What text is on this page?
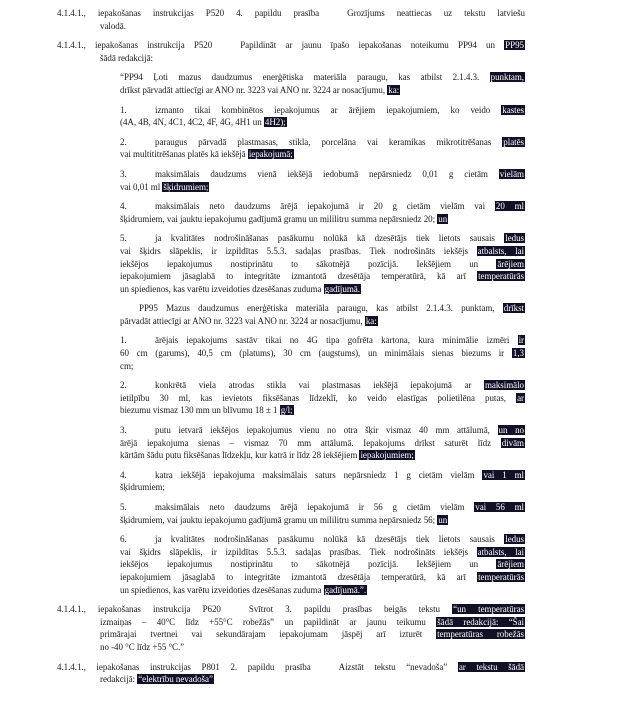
4.1.4.1., iepakošanas instrukcijas P520 4. papildu prasība	Grozījums neattiecas uz tekstu latviešu
valodā.
4.1.4.1., iepakošanas instrukcija P520	Papildināt ar jaunu īpašo iepakošanas noteikumu PP94 un PP95
šādā redakcijā:
“PP94 Ļoti mazus daudzumus enerģētiska materiāla paraugu, kas atbilst 2.1.4.3. punktam,
drīkst pārvadāt attiecīgi ar ANO nr. 3223 vai ANO nr. 3224 ar nosacījumu, ka:
1.	izmanto tikai kombinētos iepakojumus ar ārējiem iepakojumiem, ko veido kastes
(4A, 4B, 4N, 4C1, 4C2, 4F, 4G, 4H1 un 4H2);
2.	paraugus pārvadā plastmasas, stikla, porcelāna vai keramikas mikrotitrēšanas platēs
vai multititrēšanas platēs kā iekšējā iepakojumā;
3.	maksimālais daudzums vienā iekšējā iedobumā nepārsniedz 0,01 g cietām vielām
vai 0,01 ml šķidrumiem;
4.	maksimālais neto daudzums ārējā iepakojumā ir 20 g cietām vielām vai 20 ml
šķidrumiem, vai jauktu iepakojumu gadījumā gramu un mililitru summa nepārsniedz 20; un
5.	ja kvalitātes nodrošināšanas pasākumu nolūkā kā dzesētājs tiek lietots sausais ledus
vai šķidrs slāpeklis, ir izpildītas 5.5.3. sadaļas prasības. Tiek nodrošināts iekšējs atbalsts, lai
iekšējos iepakojumus nostiprinātu to sākotnējā pozīcijā. Iekšējiem un ārējiem
iepakojumiem jāsaglabā to integritāte izmantotā dzesētāja temperatūrā, kā arī temperatūrās
un spiedienos, kas varētu izveidoties dzesēšanas zuduma gadījumā.
PP95 Mazus daudzumus enerģētiska materiāla paraugu, kas atbilst 2.1.4.3. punktam, drīkst
pārvadāt attiecīgi ar ANO nr. 3223 vai ANO nr. 3224 ar nosacījumu, ka:
1.	ārējais iepakojums sastāv tikai no 4G tipa gofrēta kartona, kura minimālie izmēri ir
60 cm (garums), 40,5 cm (platums), 30 cm (augstums), un minimālais sienas biezums ir 1,3
cm;
2.	konkrētā viela atrodas stikla vai plastmasas iekšējā iepakojumā ar maksimālo
ietilpību 30 ml, kas ievietots fiksēšanas līdzeklī, ko veido elastīgas polietilēna putas, ar
biezumu vismaz 130 mm un blīvumu 18 ± 1 g/l;
3.	putu ietvarā iekšējos iepakojumus vienu no otra šķir vismaz 40 mm attālumā, un no
ārējā iepakojuma sienas – vismaz 70 mm attālumā. Iepakojums drīkst saturēt līdz divām
kārtām šādu putu fiksēšanas līdzekļu, kur katrā ir līdz 28 iekšējiem iepakojumiem;
4.	katra iekšējā iepakojuma maksimālais saturs nepārsniedz 1 g cietām vielām vai 1 ml
šķidrumiem;
5.	maksimālais neto daudzums ārējā iepakojumā ir 56 g cietām vielām vai 56 ml
šķidrumiem, vai jauktu iepakojumu gadījumā gramu un mililitru summa nepārsniedz 56; un
6.	ja kvalitātes nodrošināšanas pasākumu nolūkā kā dzesētājs tiek lietots sausais ledus
vai šķidrs slāpeklis, ir izpildītas 5.5.3. sadaļas prasības. Tiek nodrošināts iekšējs atbalsts, lai
iekšējos iepakojumus nostiprinātu to sākotnējā pozīcijā. Iekšējiem un ārējiem
iepakojumiem jāsaglabā to integritāte izmantotā dzesētāja temperatūrā, kā arī temperatūrās
un spiedienos, kas varētu izveidoties dzesēšanas zuduma gadījumā.”.
4.1.4.1., iepakošanas instrukcija P620	Svītrot 3. papildu prasības beigās tekstu “un temperatūras
izmaiņas – 40°C līdz +55°C robežās” un papildināt ar jaunu teikumu šādā redakcijā: “Šai
primārajai tvertnei vai sekundārajam iepakojumam jāspēj arī izturēt temperatūras robežās
no -40 °C līdz +55 °C.”
4.1.4.1., iepakošanas instrukcijas P801 2. papildu prasība	Aizstāt tekstu “nevadoša” ar tekstu šādā
redakcijā: “elektrību nevadoša”
